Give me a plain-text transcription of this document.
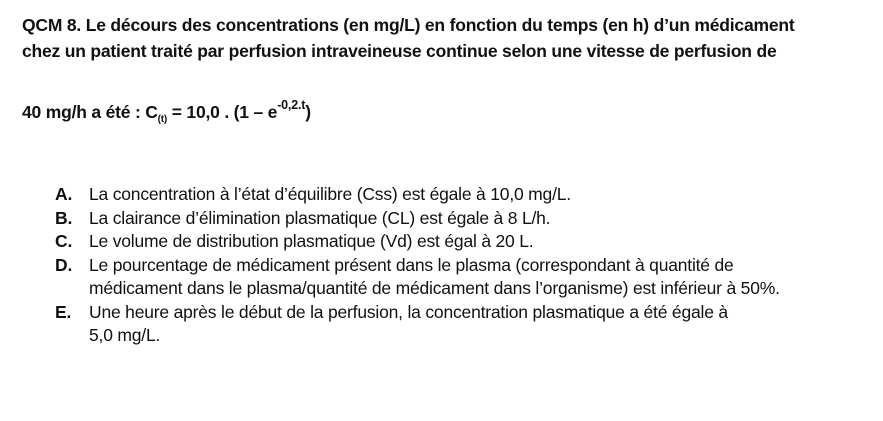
QCM 8. Le décours des concentrations (en mg/L) en fonction du temps (en h) d’un médicament
chez un patient traité par perfusion intraveineuse continue selon une vitesse de perfusion de
40 mg/h a été : $C_{(t)} = 10,0$ . $(1 - e^{-0,2.t})$
A. La concentration à l’état d’équilibre (Css) est égale à 10,0 mg/L.
B. La clairance d’élimination plasmatique (CL) est égale à 8 L/h.
C. Le volume de distribution plasmatique (Vd) est égal à 20 L.
D. Le pourcentage de médicament présent dans le plasma (correspondant à quantité de
médicament dans le plasma/quantité de médicament dans l’organisme) est inférieur à 50%.
E.	Une heure après le début de la perfusion, la concentration plasmatique a été égale à
5,0 mg/L.
